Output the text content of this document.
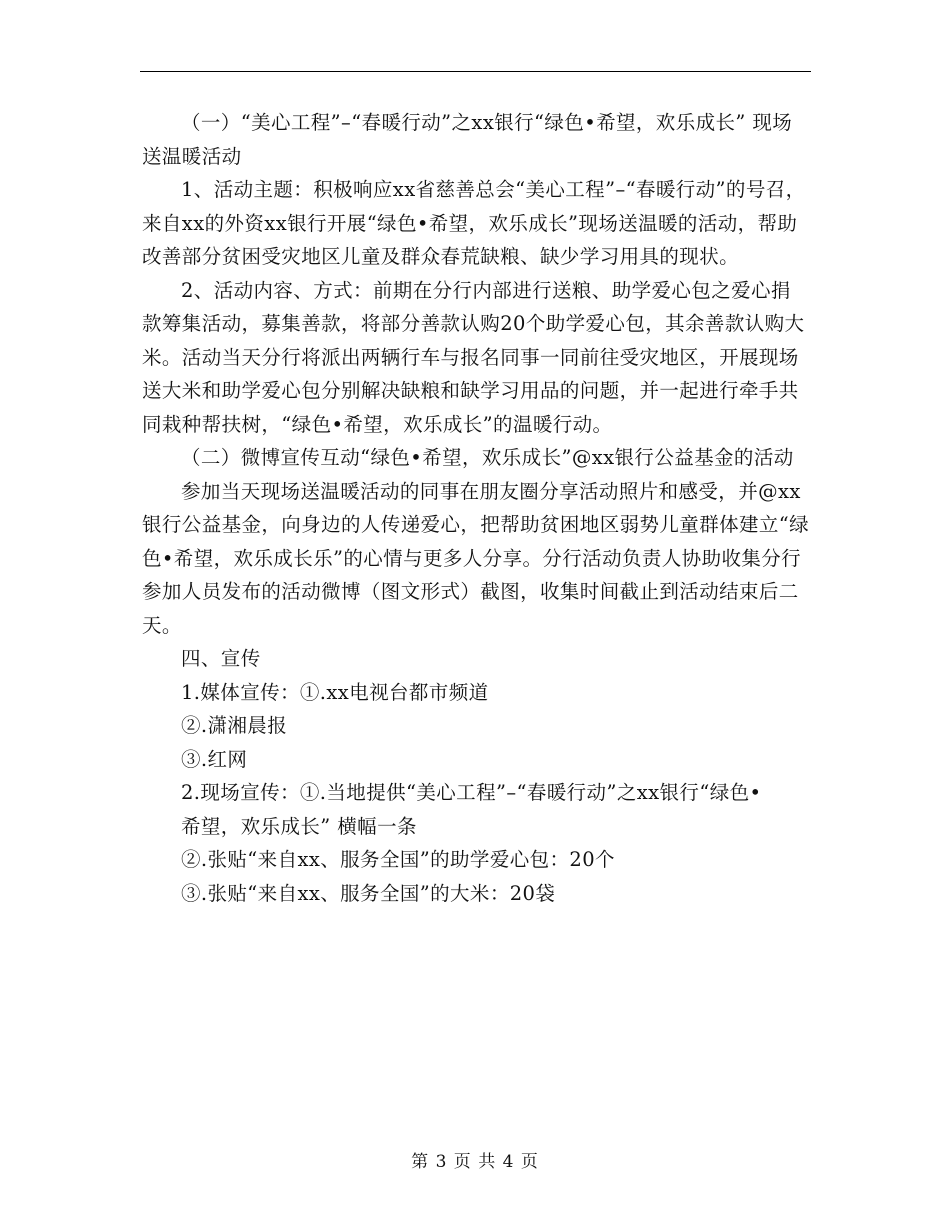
（一）“美心工程”–“春暖行动”之xx银行“绿色•希望，欢乐成长” 现场送温暖活动

1、活动主题：积极响应xx省慈善总会“美心工程”–“春暖行动”的号召，来自xx的外资xx银行开展“绿色•希望，欢乐成长”现场送温暖的活动，帮助改善部分贫困受灾地区儿童及群众春荒缺粮、缺少学习用具的现状。

2、活动内容、方式：前期在分行内部进行送粮、助学爱心包之爱心捐款筹集活动，募集善款，将部分善款认购20个助学爱心包，其余善款认购大米。活动当天分行将派出两辆行车与报名同事一同前往受灾地区，开展现场送大米和助学爱心包分别解决缺粮和缺学习用品的问题，并一起进行牵手共同栽种帮扶树，“绿色•希望，欢乐成长”的温暖行动。

（二）微博宣传互动“绿色•希望，欢乐成长”@xx银行公益基金的活动

参加当天现场送温暖活动的同事在朋友圈分享活动照片和感受，并@xx银行公益基金，向身边的人传递爱心，把帮助贫困地区弱势儿童群体建立“绿色•希望，欢乐成长乐”的心情与更多人分享。分行活动负责人协助收集分行参加人员发布的活动微博（图文形式）截图，收集时间截止到活动结束后二天。

四、宣传

1.媒体宣传：①.xx电视台都市频道

②.潇湘晨报

③.红网

2.现场宣传：①.当地提供“美心工程”–“春暖行动”之xx银行“绿色•

希望，欢乐成长” 横幅一条

②.张贴“来自xx、服务全国”的助学爱心包：20个

③.张贴“来自xx、服务全国”的大米：20袋

第 3 页 共 4 页
